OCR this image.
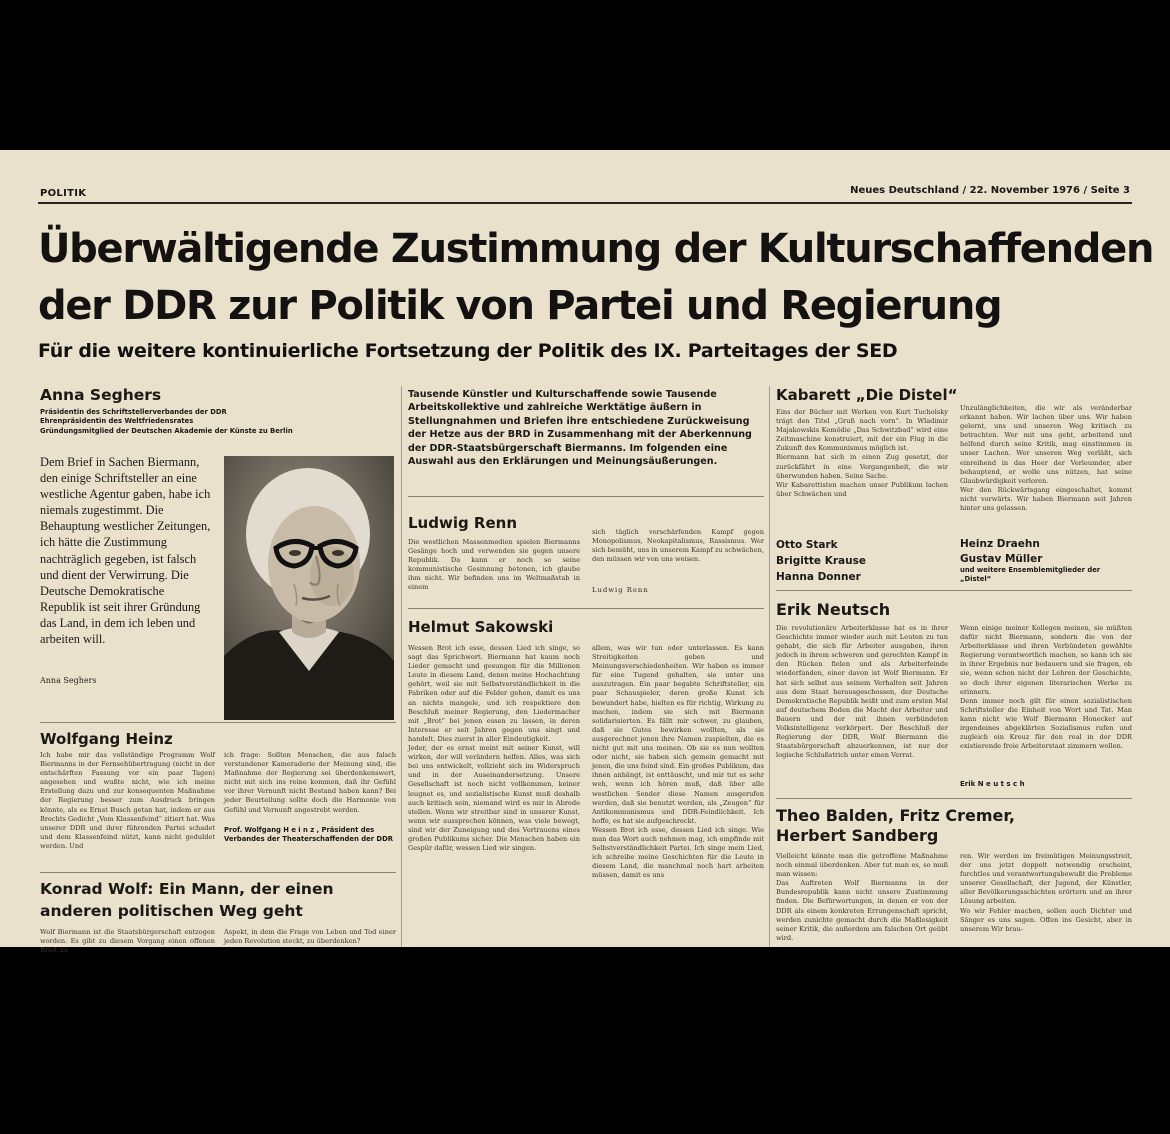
POLITIK	Neues Deutschland / 22. November 1976 / Seite 3
Überwältigende Zustimmung der Kulturschaffenden
der DDR zur Politik von Partei und Regierung
Für die weitere kontinuierliche Fortsetzung der Politik des IX. Parteitages der SED
Anna Seghers
Präsidentin des Schriftstellerverbandes der DDR
Ehrenpräsidentin des Weltfriedensrates
Gründungsmitglied der Deutschen Akademie der Künste zu Berlin
Dem Brief in Sachen Biermann, den einige Schriftsteller an eine westliche Agentur gaben, habe ich niemals zugestimmt. Die Behauptung westlicher Zeitungen, ich hätte die Zustimmung nachträglich gegeben, ist falsch und dient der Verwirrung. Die Deutsche Demokratische Republik ist seit ihrer Gründung das Land, in dem ich leben und arbeiten will.
Anna Seghers
Wolfgang Heinz
Ich habe mir das vollständige Programm Wolf Biermanns in der Fernsehübertragung (nicht in der entschärften Fassung vor ein paar Tagen) angesehen und wußte nicht, wie ich meine Erstellung dazu und zur konsequenten Maßnahme der Regierung besser zum Ausdruck bringen könnte, als es Ernst Busch getan hat, indem er aus Brechts Gedicht „Vom Klassenfeind“ zitiert hat. Was unserer DDR und ihrer führenden Partei schadet und dem Klassenfeind nützt, kann nicht geduldet werden. Und
ich frage: Sollten Menschen, die aus falsch verstandener Kameraderie der Meinung sind, die Maßnahme der Regierung sei überdenkenswert, nicht mit sich ins reine kommen, daß ihr Gefühl vor ihrer Vernunft nicht Bestand haben kann? Bei jeder Beurteilung sollte doch die Harmonie von Gefühl und Vernunft angestrebt werden.
Prof. Wolfgang H e i n z , Präsident des Verbandes der Theaterschaffenden der DDR
Konrad Wolf: Ein Mann, der einen
anderen politischen Weg geht
Wolf Biermann ist die Staatsbürgerschaft entzogen worden. Es gibt zu diesem Vorgang einen offenen Brief, zu
Aspekt, in dem die Frage von Leben und Tod einer jeden Revolution steckt, zu überdenken?
Tausende Künstler und Kulturschaffende sowie Tausende Arbeitskollektive und zahlreiche Werktätige äußern in Stellungnahmen und Briefen ihre entschiedene Zurückweisung der Hetze aus der BRD in Zusammenhang mit der Aberkennung der DDR-Staatsbürgerschaft Biermanns. Im folgenden eine Auswahl aus den Erklärungen und Meinungsäußerungen.
Ludwig Renn
Die westlichen Massenmedien spielen Biermanns Gesänge hoch und verwenden sie gegen unsere Republik. Da kann er noch so seine kommunistische Gesinnung betonen, ich glaube ihm nicht. Wir befinden uns im Weltmaßstab in einem
sich täglich verschärfenden Kampf gegen Monopolismus, Neokapitalismus, Rassismus. Wer sich bemüht, uns in unserem Kampf zu schwächen, den müssen wir von uns weisen.
Ludwig Renn
Helmut Sakowski
Wessen Brot ich esse, dessen Lied ich singe, so sagt das Sprichwort. Biermann hat kaum noch Lieder gemacht und gesungen für die Millionen Leute in diesem Land, denen meine Hochachtung gehört, weil sie mit Selbstverständlichkeit in die Fabriken oder auf die Felder gehen, damit es uns an nichts mangele, und ich respektiere den Beschluß meiner Regierung, den Liedermacher mit „Brot“ bei jenen essen zu lassen, in deren Interesse er seit Jahren gegen uns singt und handelt. Dies zuerst in aller Eindeutigkeit.
Jeder, der es ernst meint mit seiner Kunst, will wirken, der will verändern helfen. Alles, was sich bei uns entwickelt, vollzieht sich im Widerspruch und in der Auseinandersetzung. Unsere Gesellschaft ist noch nicht vollkommen, keiner leugnet es, und sozialistische Kunst muß deshalb auch kritisch sein, niemand wird es mir in Abrede stellen. Wenn wir streitbar sind in unserer Kunst, wenn wir aussprechen können, was viele bewegt, sind wir der Zuneigung und des Vertrauens eines großen Publikums sicher. Die Menschen haben ein Gespür dafür, wessen Lied wir singen.
allem, was wir tun oder unterlassen. Es kann Streitigkeiten geben und Meinungsverschiedenheiten. Wir haben es immer für eine Tugend gehalten, sie unter uns auszutragen. Ein paar begabte Schriftsteller, ein paar Schauspieler, deren große Kunst ich bewundert habe, hielten es für richtig, Wirkung zu machen, indem sie sich mit Biermann solidarisierten. Es fällt mir schwer, zu glauben, daß sie Gutes bewirken wollten, als sie ausgerechnet jenen ihre Namen zuspielten, die es nicht gut mit uns meinen. Ob sie es nun wollten oder nicht, sie haben sich gemein gemacht mit jenen, die uns feind sind. Ein großes Publikum, das ihnen anhängt, ist enttäuscht, und mir tut es sehr weh, wenn ich hören muß, daß über alle westlichen Sender diese Namen ausgerufen werden, daß sie benutzt werden, als „Zeugen“ für Antikommunismus und DDR-Feindlichkeit. Ich hoffe, es hat sie aufgeschreckt.
Wessen Brot ich esse, dessen Lied ich singe. Wie man das Wort auch nehmen mag, ich empfinde mit Selbstverständlichkeit Partei. Ich singe mein Lied, ich schreibe meine Geschichten für die Leute in diesem Land, die manchmal noch hart arbeiten müssen, damit es uns
Kabarett „Die Distel“
Eins der Bücher mit Werken von Kurt Tucholsky trägt den Titel „Gruß nach vorn“. In Wladimir Majakowskis Komödie „Das Schwitzbad“ wird eine Zeitmaschine konstruiert, mit der ein Flug in die Zukunft des Kommunismus möglich ist.
Biermann hat sich in einen Zug gesetzt, der zurückfährt in eine Vergangenheit, die wir überwunden haben. Seine Sache.
Wir Kabarettisten machen unser Publikum lachen über Schwächen und
Unzulänglichkeiten, die wir als veränderbar erkannt haben. Wir lachen über uns. Wir haben gelernt, uns und unseren Weg kritisch zu betrachten. Wer mit uns geht, arbeitend und helfend durch seine Kritik, mag einstimmen in unser Lachen. Wer unseren Weg verläßt, sich einreihend in das Heer der Verleumder, aber behauptend, er wolle uns nützen, hat seine Glaubwürdigkeit verloren.
Wer den Rückwärtsgang eingeschaltet, kommt nicht vorwärts. Wir haben Biermann seit Jahren hinter uns gelassen.
Otto Stark
Brigitte Krause
Hanna Donner
Heinz Draehn
Gustav Müller
und weitere Ensemblemitglieder der „Distel“
Erik Neutsch
Die revolutionäre Arbeiterklasse hat es in ihrer Geschichte immer wieder auch mit Leuten zu tun gehabt, die sich für Arbeiter ausgaben, ihren jedoch in ihrem schweren und gerechten Kampf in den Rücken fielen und als Arbeiterfeinde wiederfanden, einer davon ist Wolf Biermann. Er hat sich selbst aus seinem Verhalten seit Jahren aus dem Staat herausgeschossen, der Deutsche Demokratische Republik heißt und zum ersten Mal auf deutschem Boden die Macht der Arbeiter und Bauern und der mit ihnen verbündeten Volksintelligenz verkörpert. Der Beschluß der Regierung der DDR, Wolf Biermann die Staatsbürgerschaft abzuerkennen, ist nur der logische Schlußstrich unter einen Verrat.
Wenn einige meiner Kollegen meinen, sie müßten dafür nicht Biermann, sondern die von der Arbeiterklasse und ihren Verbündeten gewählte Regierung verantwortlich machen, so kann ich sie in ihrer Ergebnis nur bedauern und sie fragen, ob sie, wenn schon nicht der Lehren der Geschichte, so doch ihrer eigenen literarischen Werke zu erinnern.
Denn immer noch gilt für einen sozialistischen Schriftsteller die Einheit von Wort und Tat. Man kann nicht wie Wolf Biermann Honecker auf irgendeines abgeklärten Sozialismus rufen und zugleich ein Kreuz für den real in der DDR existierende freie Arbeiterstaat zimmern wollen.
Erik N e u t s c h
Theo Balden, Fritz Cremer,
Herbert Sandberg
Vielleicht könnte man die getroffene Maßnahme noch einmal überdenken. Aber tut man es, so muß man wissen:
Das Auftreten Wolf Biermanns in der Bundesrepublik kann nicht unsere Zustimmung finden. Die Befürwortungen, in denen er von der DDR als einem konkreten Errungenschaft spricht, werden zunichte gemacht durch die Maßlosigkeit seiner Kritik, die außerdem am falschen Ort geübt wird.
ren. Wir werden im freimütigen Meinungsstreit, der uns jetzt doppelt notwendig erscheint, furchtlos und verantwortungsbewußt die Probleme unserer Gesellschaft, der Jugend, der Künstler, aller Bevölkerungsschichten erörtern und an ihrer Lösung arbeiten.
Wo wir Fehler machen, sollen auch Dichter und Sänger es uns sagen. Offen ins Gesicht, aber in unserem Wir brau-
